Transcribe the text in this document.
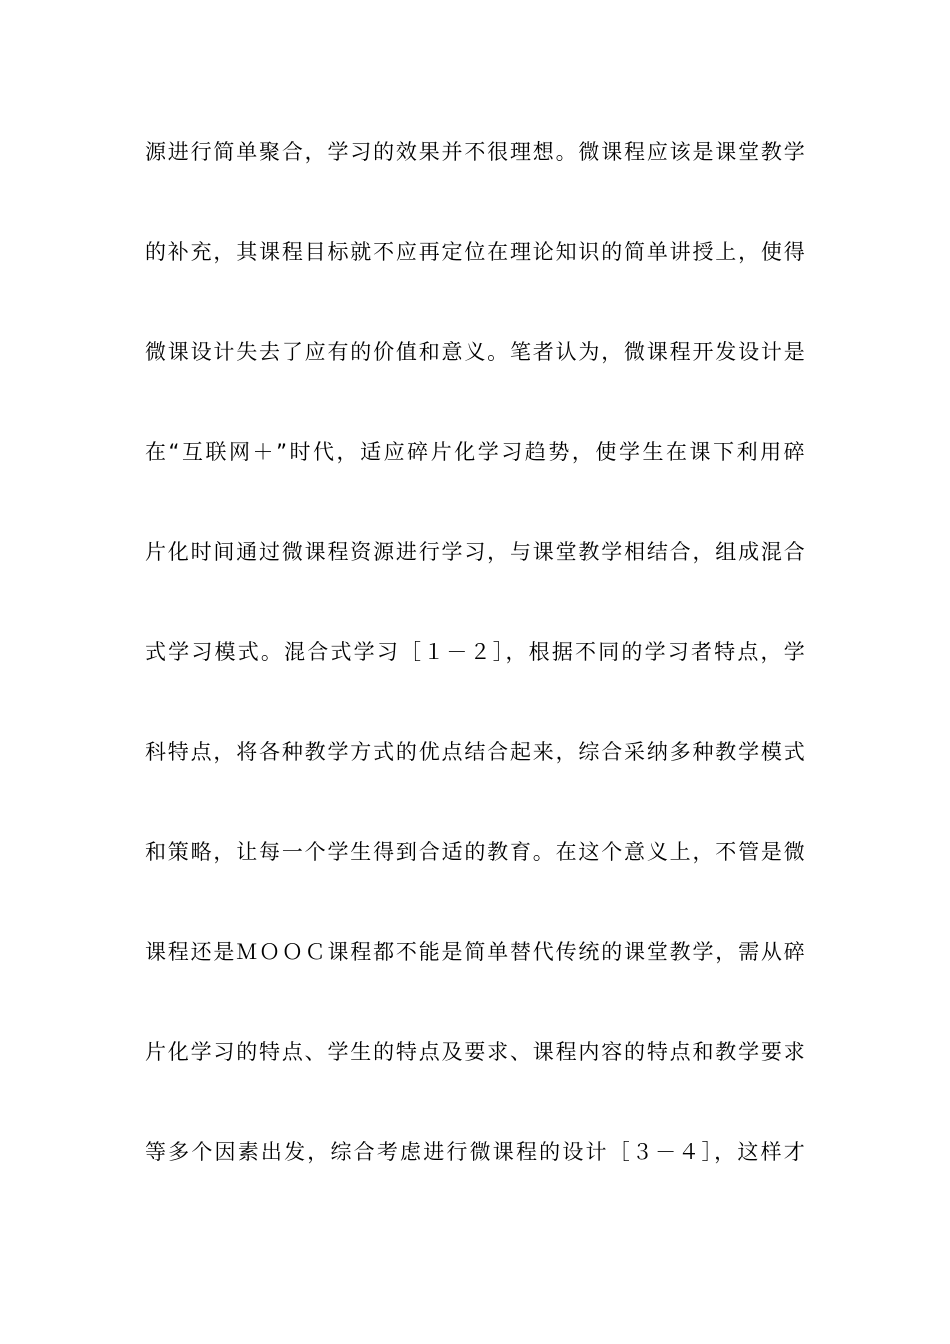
源进行简单聚合，学习的效果并不很理想。微课程应该是课堂教学
的补充，其课程目标就不应再定位在理论知识的简单讲授上，使得
微课设计失去了应有的价值和意义。笔者认为，微课程开发设计是
在“互联网＋”时代，适应碎片化学习趋势，使学生在课下利用碎
片化时间通过微课程资源进行学习，与课堂教学相结合，组成混合
式学习模式。混合式学习［１－２］，根据不同的学习者特点，学
科特点，将各种教学方式的优点结合起来，综合采纳多种教学模式
和策略，让每一个学生得到合适的教育。在这个意义上，不管是微
课程还是ＭＯＯＣ课程都不能是简单替代传统的课堂教学，需从碎
片化学习的特点、学生的特点及要求、课程内容的特点和教学要求
等多个因素出发，综合考虑进行微课程的设计［３－４］，这样才
